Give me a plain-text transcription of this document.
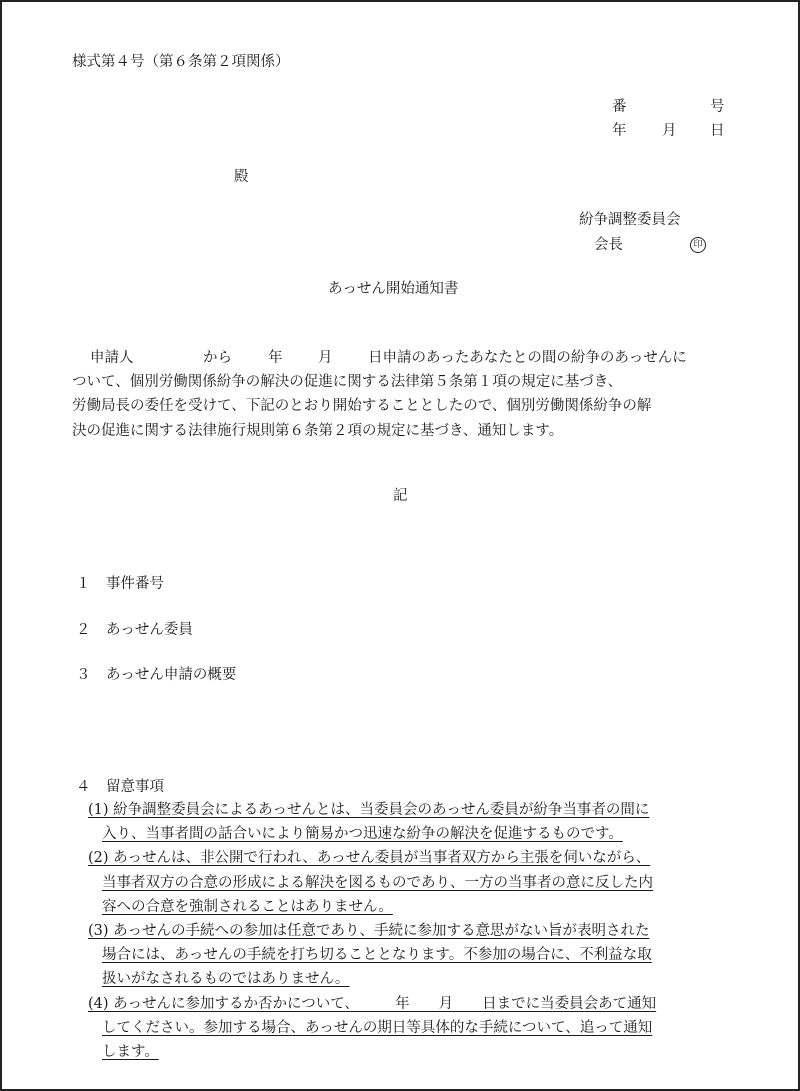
様式第４号（第６条第２項関係）
番	号
年 月 日
殿
紛争調整委員会
会長	印
あっせん開始通知書
申請人	から 年 月 日申請のあったあなたとの間の紛争のあっせんに
ついて、個別労働関係紛争の解決の促進に関する法律第５条第１項の規定に基づき、
労働局長の委任を受けて、下記のとおり開始することとしたので、個別労働関係紛争の解
決の促進に関する法律施行規則第６条第２項の規定に基づき、通知します。
記
１ 事件番号
２ あっせん委員
３ あっせん申請の概要
４ 留意事項
(1) 紛争調整委員会によるあっせんとは、当委員会のあっせん委員が紛争当事者の間に
入り、当事者間の話合いにより簡易かつ迅速な紛争の解決を促進するものです。
(2) あっせんは、非公開で行われ、あっせん委員が当事者双方から主張を伺いながら、
当事者双方の合意の形成による解決を図るものであり、一方の当事者の意に反した内
容への合意を強制されることはありません。
(3) あっせんの手続への参加は任意であり、手続に参加する意思がない旨が表明された
場合には、あっせんの手続を打ち切ることとなります。不参加の場合に、不利益な取
扱いがなされるものではありません。
(4) あっせんに参加するか否かについて、　　　年　　月　　日までに当委員会あて通知
してください。参加する場合、あっせんの期日等具体的な手続について、追って通知
します。
